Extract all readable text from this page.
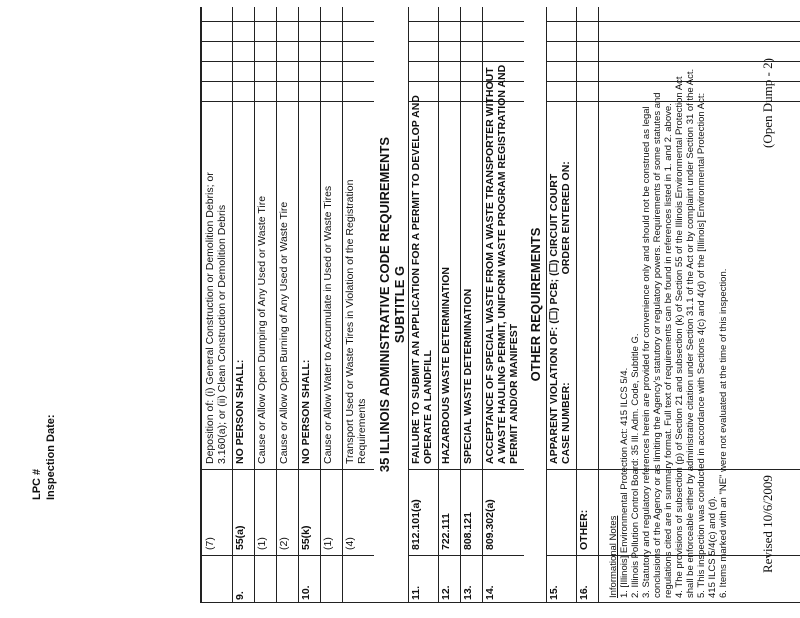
LPC # Inspection Date:
(7)
Deposition of: (i) General Construction or Demolition Debris; or 3.160(a); or (ii) Clean Construction or Demolition Debris
9.
55(a)
NO PERSON SHALL:
(1)
Cause or Allow Open Dumping of Any Used or Waste Tire
(2)
Cause or Allow Open Burning of Any Used or Waste Tire
10.
55(k)
NO PERSON SHALL:
(1)
Cause or Allow Water to Accumulate in Used or Waste Tires
(4)
Transport Used or Waste Tires in Violation of the Registration Requirements 35 ILLINOIS ADMINISTRATIVE CODE REQUIREMENTS SUBTITLE G
11.
812.101(a)
FAILURE TO SUBMIT AN APPLICATION FOR A PERMIT TO DEVELOP AND OPERATE A LANDFILL
12.
722.111
HAZARDOUS WASTE DETERMINATION
13.
808.121
SPECIAL WASTE DETERMINATION
14.
809.302(a)
ACCEPTANCE OF SPECIAL WASTE FROM A WASTE TRANSPORTER WITHOUT A WASTE HAULING PERMIT, UNIFORM WASTE PROGRAM REGISTRATION AND PERMIT AND/OR MANIFEST
OTHER REQUIREMENTS
15.
APPARENT VIOLATION OF: (☐) PCB; (☐) CIRCUIT COURT CASE NUMBER:                                     ORDER ENTERED ON:
16.
OTHER:	Informational Notes 1. [Illinois] Environmental Protection Act: 415 ILCS 5/4. 2. Illinois Pollution Control Board: 35 Ill. Adm. Code, Subtitle G. 3. Statutory and regulatory references herein are provided for convenience only and should not be construed as legal conclusions of the Agency or as limiting the Agency's statutory or regulatory powers. Requirements of some statutes and regulations cited are in summary format. Full text of requirements can be found in references listed in 1. and 2. above. 4. The provisions of subsection (p) of Section 21 and subsection (k) of Section 55 of the Illinois Environmental Protection Act shall be enforceable either by administrative citation under Section 31.1 of the Act or by complaint under Section 31 of the Act. 5. This inspection was conducted in accordance with Sections 4(c) and 4(d) of the [Illinois] Environmental Protection Act: 415 ILCS 5/4(c) and (d). 6. Items marked with an "NE" were not evaluated at the time of this inspection. Revised 10/6/2009
(Open Dump - 2)
